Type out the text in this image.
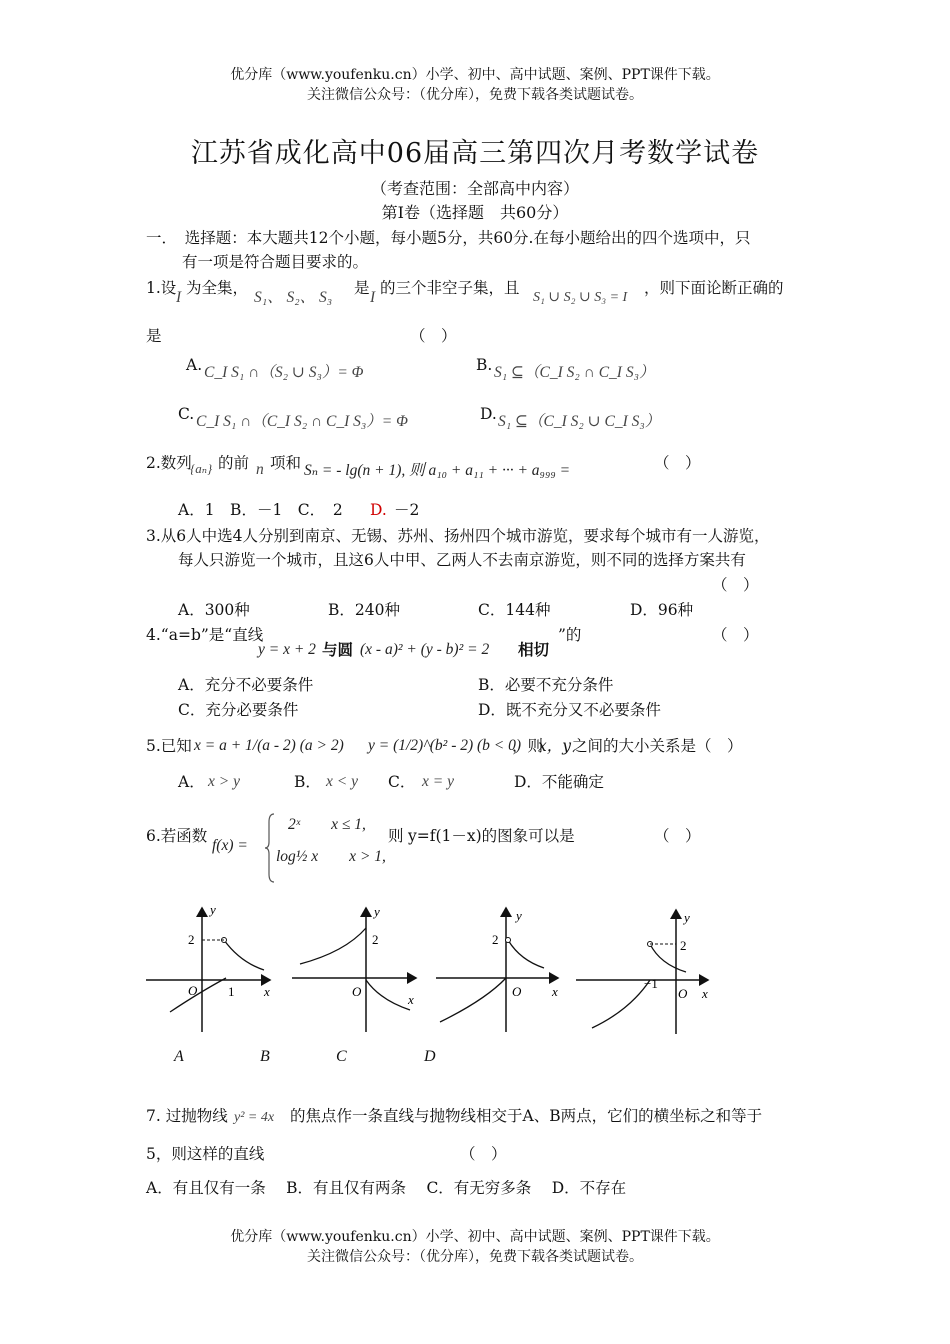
优分库（www.youfenku.cn）小学、初中、高中试题、案例、PPT课件下载。
关注微信公众号：（优分库），免费下载各类试题试卷。
江苏省成化高中06届高三第四次月考数学试卷
（考查范围：全部高中内容）
第Ⅰ卷（选择题　共60分）
一．　选择题：本大题共12个小题，每小题5分，共60分.在每小题给出的四个选项中，只
有一项是符合题目要求的。
1.设
I
为全集，
S₁、 S₂、 S₃
是
I
的三个非空子集，且
S₁ ∪ S₂ ∪ S₃ = I
，则下面论断正确的
是	（　）
A. C_I S₁ ∩（S₂ ∪ S₃）= Φ	B. S₁ ⊆（C_I S₂ ∩ C_I S₃）
C. C_I S₁ ∩（C_I S₂ ∩ C_I S₃）= Φ	D. S₁ ⊆（C_I S₂ ∪ C_I S₃）
2.数列
{aₙ} 的前 n 项和 Sₙ = - lg(n + 1), 则 a₁₀ + a₁₁ + ··· + a₉₉₉ =	（　）
A．1　B．－1　C．　2 D. －2
3.从6人中选4人分别到南京、无锡、苏州、扬州四个城市游览，要求每个城市有一人游览，
每人只游览一个城市，且这6人中甲、乙两人不去南京游览，则不同的选择方案共有
（　）
A．300种	B．240种	C．144种	D．96种
4.“a=b”是“直线
y = x + 2 与圆 (x - a)² + (y - b)² = 2 相切
”的	（　）
A．充分不必要条件	B．必要不充分条件
C．充分必要条件	D．既不充分又不必要条件
5.已知 x = a + 1/(a - 2) (a > 2) y = (1/2)^(b² - 2) (b < 0)
，则
x，y 之间的大小关系是（　）
A． x > y	B． x < y C． x = y	D．不能确定
6.若函数
f(x) =
2ˣ　　x ≤ 1,
log½ x　　x > 1,
则 y=f(1－x)的图象可以是	（　）
y
x
O
2
1
y
x
O
2
y
x
O
2
y
x
O
2
−1
A	B	C	D
7. 过抛物线 y² = 4x 的焦点作一条直线与抛物线相交于A、B两点，它们的横坐标之和等于
5，则这样的直线	（　）
A．有且仅有一条　 B．有且仅有两条　 C．有无穷多条　 D．不存在
优分库（www.youfenku.cn）小学、初中、高中试题、案例、PPT课件下载。
关注微信公众号：（优分库），免费下载各类试题试卷。
